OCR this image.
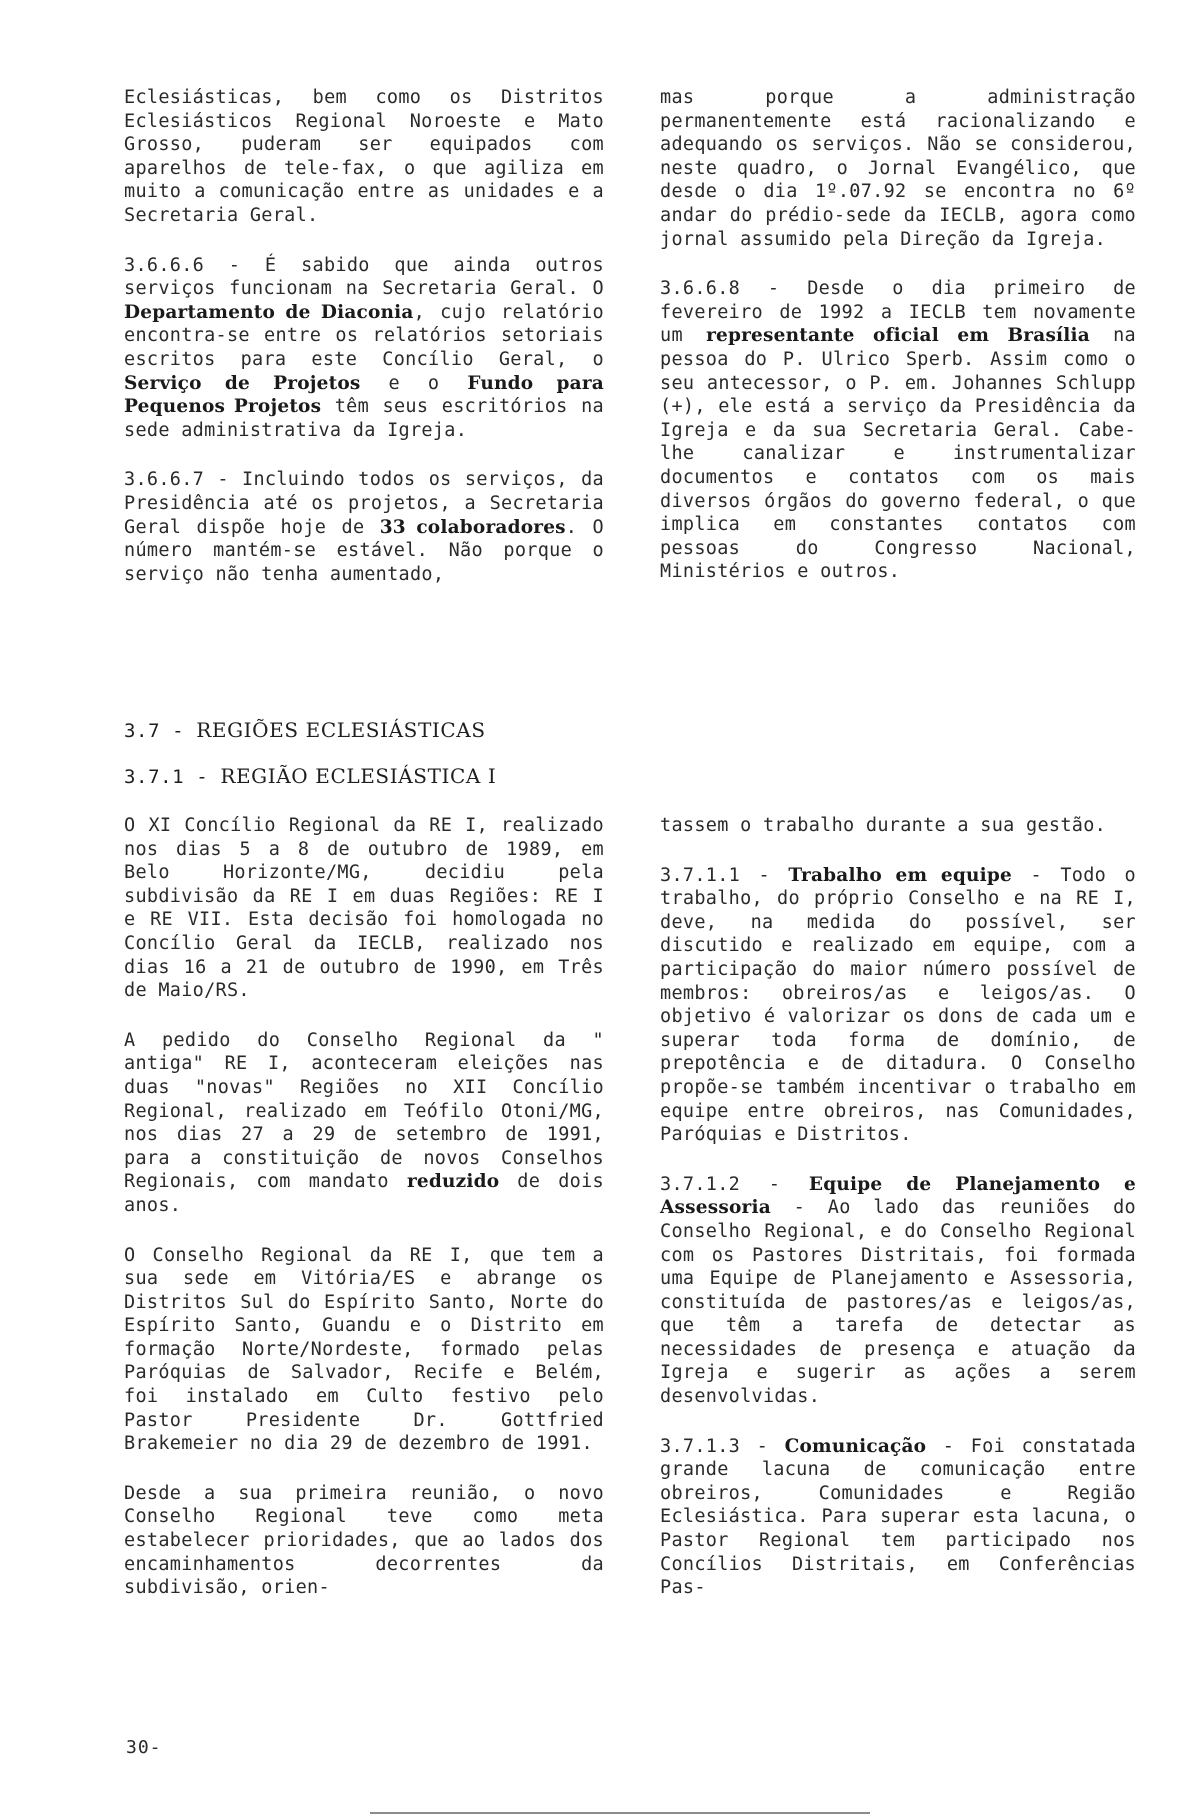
Eclesiásticas, bem como os Distritos Eclesiásticos Regional Noroeste e Mato Grosso, puderam ser equipados com aparelhos de tele-fax, o que agiliza em muito a comunicação entre as unidades e a Secretaria Geral.

3.6.6.6 - É sabido que ainda outros serviços funcionam na Secretaria Geral. O Departamento de Diaconia, cujo relatório encontra-se entre os relatórios setoriais escritos para este Concílio Geral, o Serviço de Projetos e o Fundo para Pequenos Projetos têm seus escritórios na sede administrativa da Igreja.

3.6.6.7 - Incluindo todos os serviços, da Presidência até os projetos, a Secretaria Geral dispõe hoje de 33 colaboradores. O número mantém-se estável. Não porque o serviço não tenha aumentado,

mas porque a administração permanentemente está racionalizando e adequando os serviços. Não se considerou, neste quadro, o Jornal Evangélico, que desde o dia 1º.07.92 se encontra no 6º andar do prédio-sede da IECLB, agora como jornal assumido pela Direção da Igreja.

3.6.6.8 - Desde o dia primeiro de fevereiro de 1992 a IECLB tem novamente um representante oficial em Brasília na pessoa do P. Ulrico Sperb. Assim como o seu antecessor, o P. em. Johannes Schlupp (+), ele está a serviço da Presidência da Igreja e da sua Secretaria Geral. Cabe-lhe canalizar e instrumentalizar documentos e contatos com os mais diversos órgãos do governo federal, o que implica em constantes contatos com pessoas do Congresso Nacional, Ministérios e outros.

3.7 - REGIÕES ECLESIÁSTICAS
3.7.1 - REGIÃO ECLESIÁSTICA I

O XI Concílio Regional da RE I, realizado nos dias 5 a 8 de outubro de 1989, em Belo Horizonte/MG, decidiu pela subdivisão da RE I em duas Regiões: RE I e RE VII. Esta decisão foi homologada no Concílio Geral da IECLB, realizado nos dias 16 a 21 de outubro de 1990, em Três de Maio/RS.

A pedido do Conselho Regional da " antiga" RE I, aconteceram eleições nas duas "novas" Regiões no XII Concílio Regional, realizado em Teófilo Otoni/MG, nos dias 27 a 29 de setembro de 1991, para a constituição de novos Conselhos Regionais, com mandato reduzido de dois anos.

O Conselho Regional da RE I, que tem a sua sede em Vitória/ES e abrange os Distritos Sul do Espírito Santo, Norte do Espírito Santo, Guandu e o Distrito em formação Norte/Nordeste, formado pelas Paróquias de Salvador, Recife e Belém, foi instalado em Culto festivo pelo Pastor Presidente Dr. Gottfried Brakemeier no dia 29 de dezembro de 1991.

Desde a sua primeira reunião, o novo Conselho Regional teve como meta estabelecer prioridades, que ao lados dos encaminhamentos decorrentes da subdivisão, orien-

tassem o trabalho durante a sua gestão.

3.7.1.1 - Trabalho em equipe - Todo o trabalho, do próprio Conselho e na RE I, deve, na medida do possível, ser discutido e realizado em equipe, com a participação do maior número possível de membros: obreiros/as e leigos/as. O objetivo é valorizar os dons de cada um e superar toda forma de domínio, de prepotência e de ditadura. O Conselho propõe-se também incentivar o trabalho em equipe entre obreiros, nas Comunidades, Paróquias e Distritos.

3.7.1.2 - Equipe de Planejamento e Assessoria - Ao lado das reuniões do Conselho Regional, e do Conselho Regional com os Pastores Distritais, foi formada uma Equipe de Planejamento e Assessoria, constituída de pastores/as e leigos/as, que têm a tarefa de detectar as necessidades de presença e atuação da Igreja e sugerir as ações a serem desenvolvidas.

3.7.1.3 - Comunicação - Foi constatada grande lacuna de comunicação entre obreiros, Comunidades e Região Eclesiástica. Para superar esta lacuna, o Pastor Regional tem participado nos Concílios Distritais, em Conferências Pas-

30-
